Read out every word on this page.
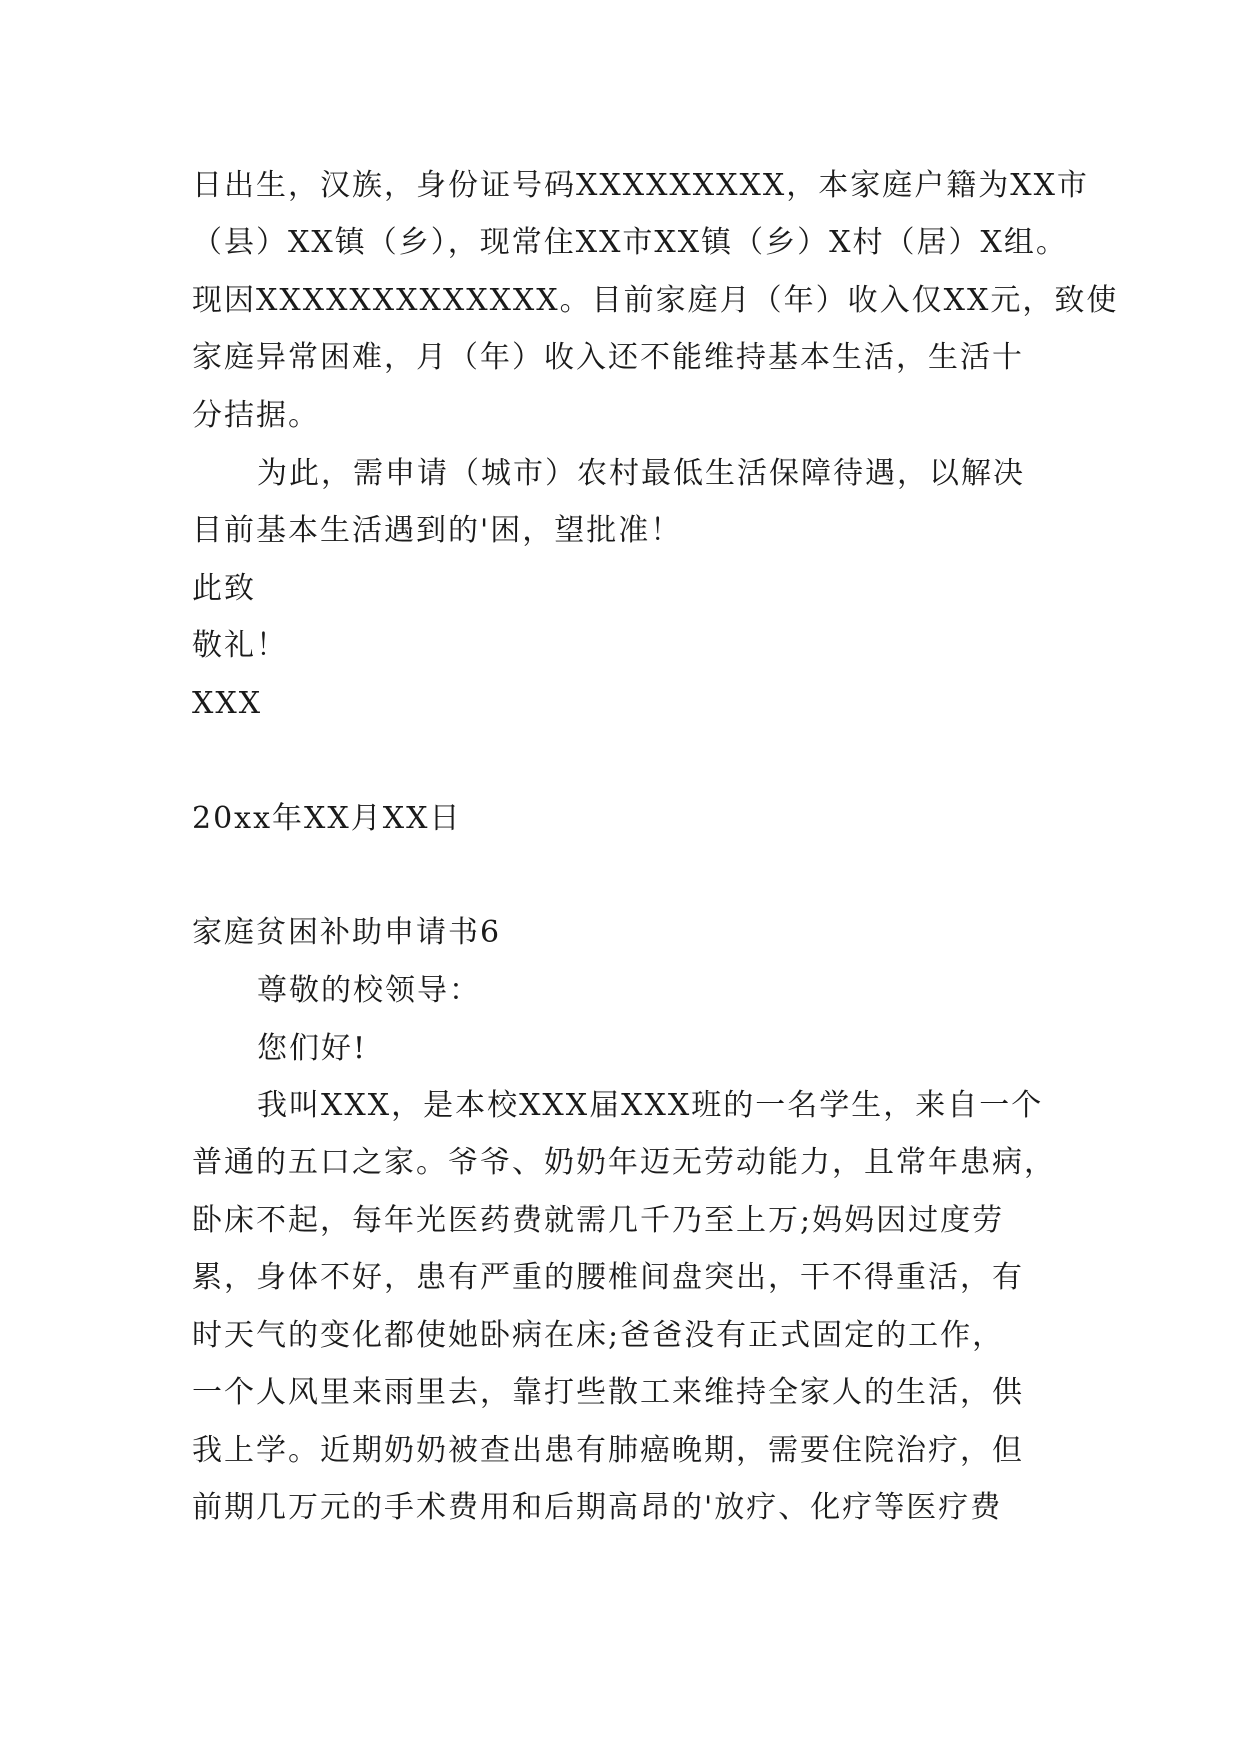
日出生，汉族，身份证号码XXXXXXXXX，本家庭户籍为XX市
（县）XX镇（乡），现常住XX市XX镇（乡）X村（居）X组。
现因XXXXXXXXXXXXX。目前家庭月（年）收入仅XX元，致使
家庭异常困难，月（年）收入还不能维持基本生活，生活十
分拮据。
为此，需申请（城市）农村最低生活保障待遇，以解决
目前基本生活遇到的'困，望批准！
此致
敬礼！
XXX
20xx年XX月XX日
家庭贫困补助申请书6
尊敬的校领导：
您们好!
我叫XXX，是本校XXX届XXX班的一名学生，来自一个
普通的五口之家。爷爷、奶奶年迈无劳动能力，且常年患病，
卧床不起，每年光医药费就需几千乃至上万;妈妈因过度劳
累，身体不好，患有严重的腰椎间盘突出，干不得重活，有
时天气的变化都使她卧病在床;爸爸没有正式固定的工作，
一个人风里来雨里去，靠打些散工来维持全家人的生活，供
我上学。近期奶奶被查出患有肺癌晚期，需要住院治疗，但
前期几万元的手术费用和后期高昂的'放疗、化疗等医疗费
